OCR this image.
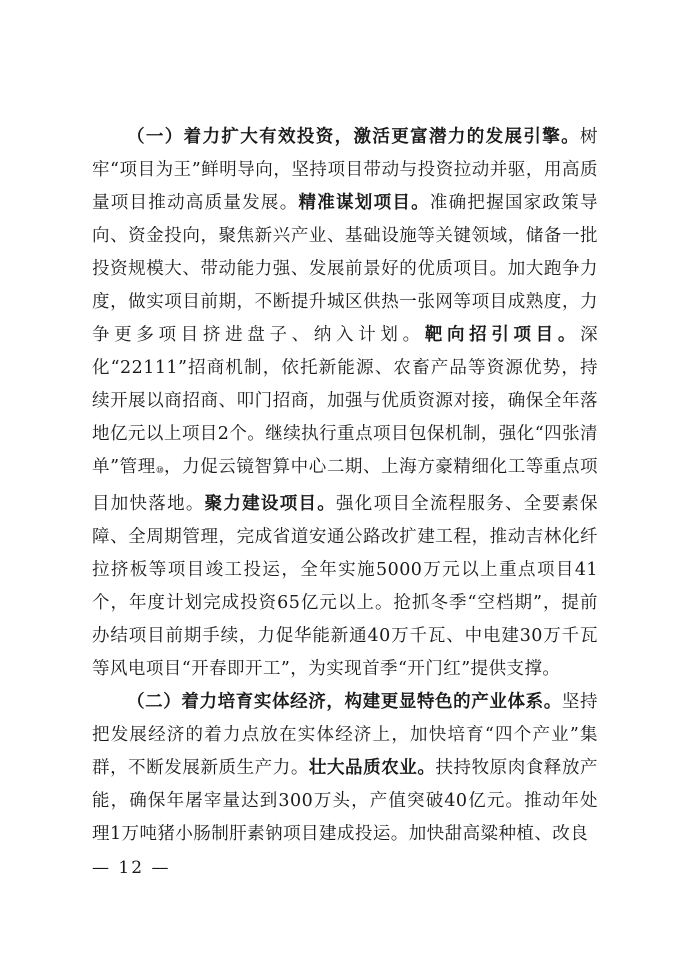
（一）着力扩大有效投资，激活更富潜力的发展引擎。树牢“项目为王”鲜明导向，坚持项目带动与投资拉动并驱，用高质量项目推动高质量发展。精准谋划项目。准确把握国家政策导向、资金投向，聚焦新兴产业、基础设施等关键领域，储备一批投资规模大、带动能力强、发展前景好的优质项目。加大跑争力度，做实项目前期，不断提升城区供热一张网等项目成熟度，力争更多项目挤进盘子、纳入计划。靶向招引项目。深化“22111”招商机制，依托新能源、农畜产品等资源优势，持续开展以商招商、叩门招商，加强与优质资源对接，确保全年落地亿元以上项目2个。继续执行重点项目包保机制，强化“四张清单”管理⑩，力促云镜智算中心二期、上海方豪精细化工等重点项目加快落地。聚力建设项目。强化项目全流程服务、全要素保障、全周期管理，完成省道安通公路改扩建工程，推动吉林化纤拉挤板等项目竣工投运，全年实施5000万元以上重点项目41个，年度计划完成投资65亿元以上。抢抓冬季“空档期”，提前办结项目前期手续，力促华能新通40万千瓦、中电建30万千瓦等风电项目“开春即开工”，为实现首季“开门红”提供支撑。

（二）着力培育实体经济，构建更显特色的产业体系。坚持把发展经济的着力点放在实体经济上，加快培育“四个产业”集群，不断发展新质生产力。壮大品质农业。扶持牧原肉食释放产能，确保年屠宰量达到300万头，产值突破40亿元。推动年处理1万吨猪小肠制肝素钠项目建成投运。加快甜高粱种植、改良

— 12 —
